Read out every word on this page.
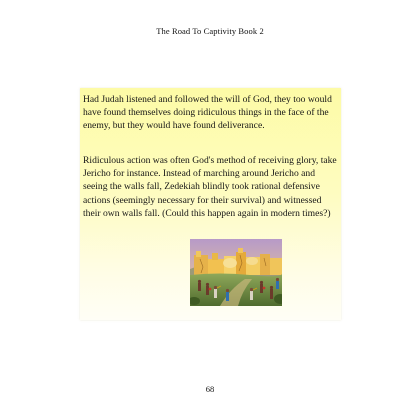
The Road To Captivity Book 2

Had Judah listened and followed the will of God, they too would have found themselves doing ridiculous things in the face of the enemy, but they would have found deliverance.

Ridiculous action was often God's method of receiving glory, take Jericho for instance. Instead of marching around Jericho and seeing the walls fall, Zedekiah blindly took rational defensive actions (seemingly necessary for their survival) and witnessed their own walls fall. (Could this happen again in modern times?)

68
